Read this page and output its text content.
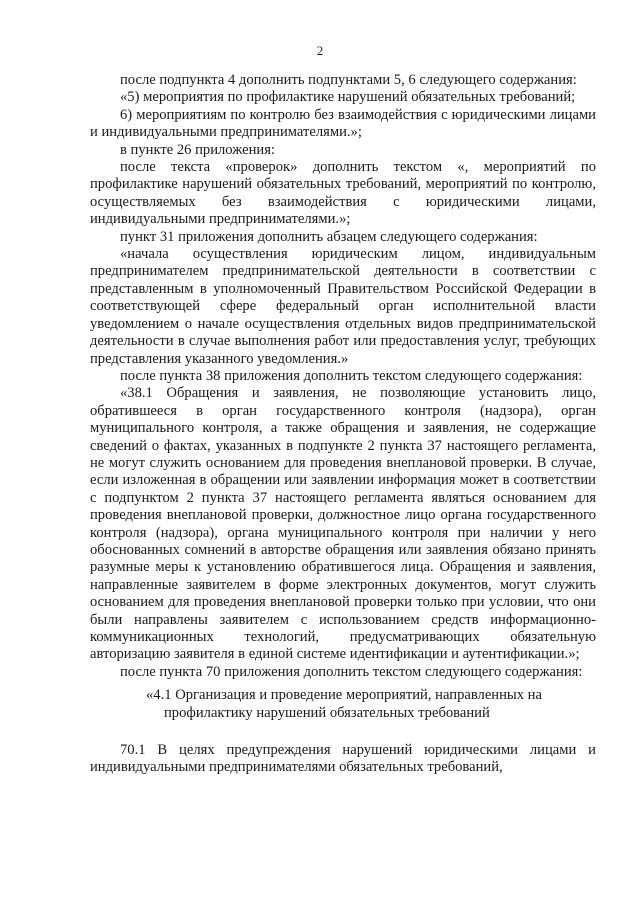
2

после подпункта 4 дополнить подпунктами 5, 6 следующего содержания:

«5) мероприятия по профилактике нарушений обязательных требований;

6) мероприятиям по контролю без взаимодействия с юридическими лицами и индивидуальными предпринимателями.»;

в пункте 26 приложения:

после текста «проверок» дополнить текстом «, мероприятий по профилактике нарушений обязательных требований, мероприятий по контролю, осуществляемых без взаимодействия с юридическими лицами, индивидуальными предпринимателями.»;

пункт 31 приложения дополнить абзацем следующего содержания:

«начала осуществления юридическим лицом, индивидуальным предпринимателем предпринимательской деятельности в соответствии с представленным в уполномоченный Правительством Российской Федерации в соответствующей сфере федеральный орган исполнительной власти уведомлением о начале осуществления отдельных видов предпринимательской деятельности в случае выполнения работ или предоставления услуг, требующих представления указанного уведомления.»

после пункта 38 приложения дополнить текстом следующего содержания:

«38.1 Обращения и заявления, не позволяющие установить лицо, обратившееся в орган государственного контроля (надзора), орган муниципального контроля, а также обращения и заявления, не содержащие сведений о фактах, указанных в подпункте 2 пункта 37 настоящего регламента, не могут служить основанием для проведения внеплановой проверки. В случае, если изложенная в обращении или заявлении информация может в соответствии с подпунктом 2 пункта 37 настоящего регламента являться основанием для проведения внеплановой проверки, должностное лицо органа государственного контроля (надзора), органа муниципального контроля при наличии у него обоснованных сомнений в авторстве обращения или заявления обязано принять разумные меры к установлению обратившегося лица. Обращения и заявления, направленные заявителем в форме электронных документов, могут служить основанием для проведения внеплановой проверки только при условии, что они были направлены заявителем с использованием средств информационно-коммуникационных технологий, предусматривающих обязательную авторизацию заявителя в единой системе идентификации и аутентификации.»;

после пункта 70 приложения дополнить текстом следующего содержания:

«4.1 Организация и проведение мероприятий, направленных на
профилактику нарушений обязательных требований

70.1 В целях предупреждения нарушений юридическими лицами и индивидуальными предпринимателями обязательных требований,
